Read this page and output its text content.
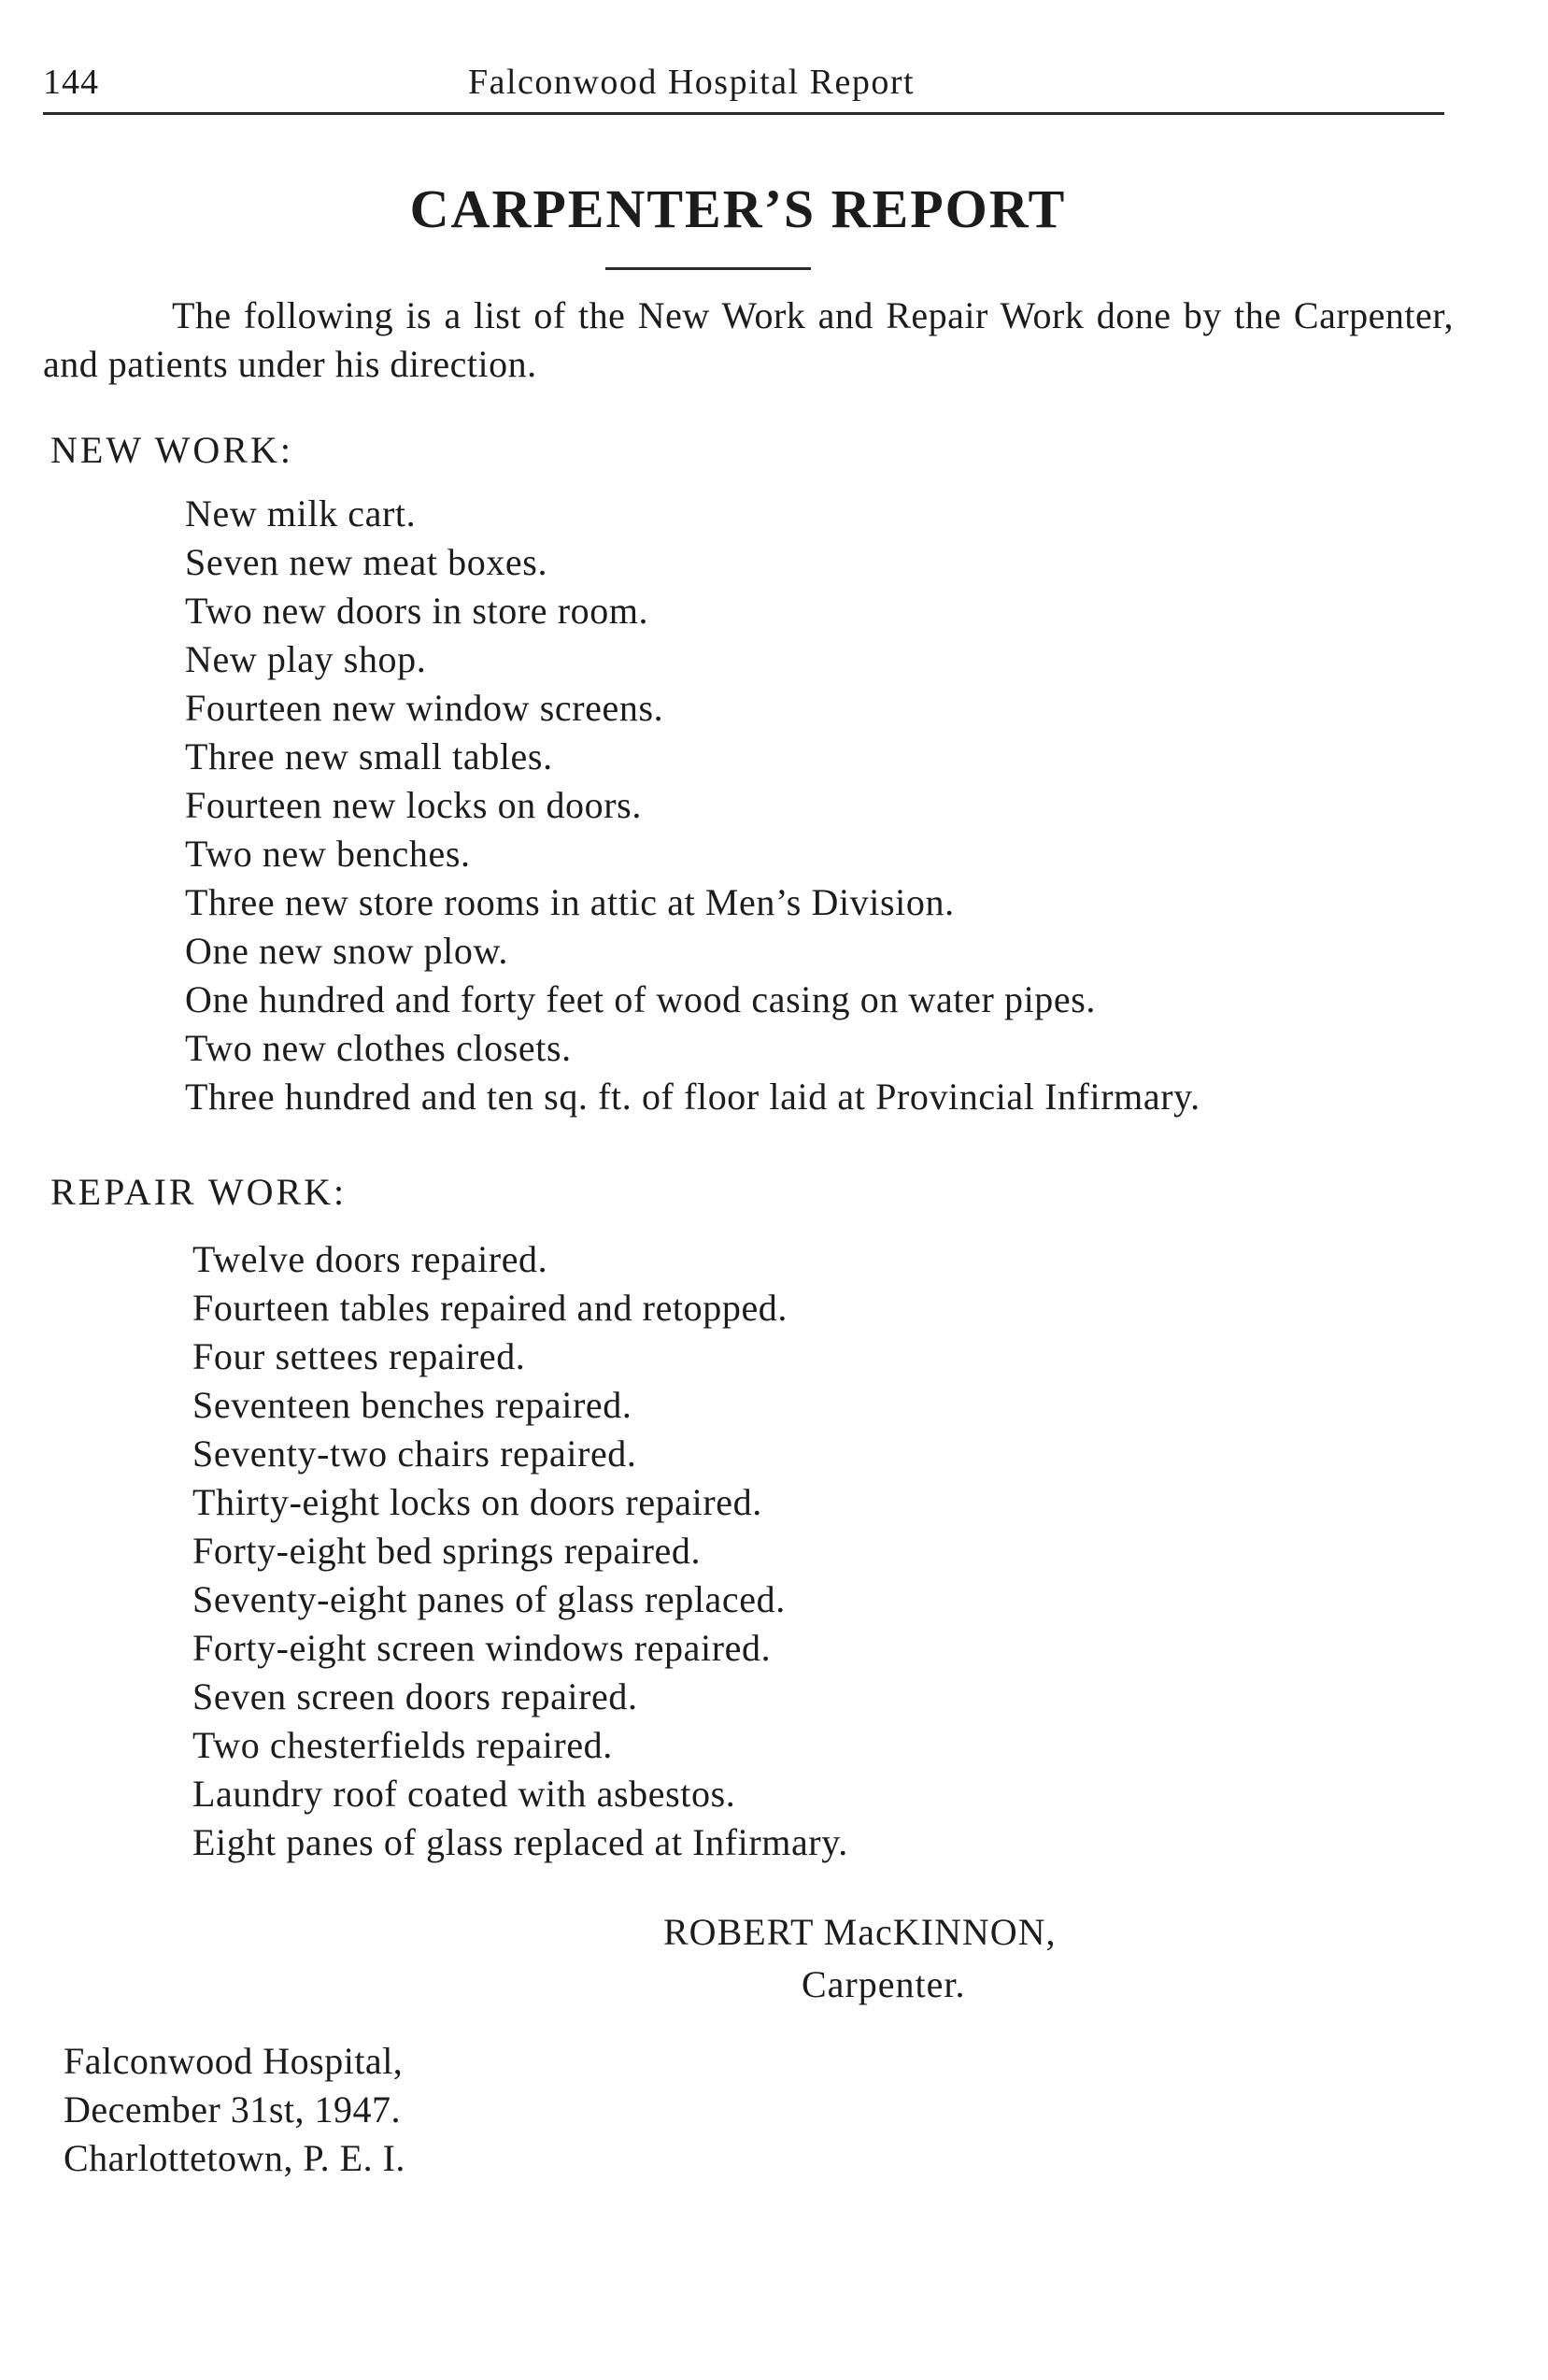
144	Falconwood Hospital Report
CARPENTER’S REPORT

The following is a list of the New Work and Repair Work done by the Carpenter, and patients under his direction.

NEW WORK:
New milk cart.
Seven new meat boxes.
Two new doors in store room.
New play shop.
Fourteen new window screens.
Three new small tables.
Fourteen new locks on doors.
Two new benches.
Three new store rooms in attic at Men’s Division.
One new snow plow.
One hundred and forty feet of wood casing on water pipes.
Two new clothes closets.
Three hundred and ten sq. ft. of floor laid at Provincial Infirmary.
REPAIR WORK:
Twelve doors repaired.
Fourteen tables repaired and retopped.
Four settees repaired.
Seventeen benches repaired.
Seventy-two chairs repaired.
Thirty-eight locks on doors repaired.
Forty-eight bed springs repaired.
Seventy-eight panes of glass replaced.
Forty-eight screen windows repaired.
Seven screen doors repaired.
Two chesterfields repaired.
Laundry roof coated with asbestos.
Eight panes of glass replaced at Infirmary.
ROBERT MacKINNON,
Carpenter.
Falconwood Hospital,
December 31st, 1947.
Charlottetown, P. E. I.
